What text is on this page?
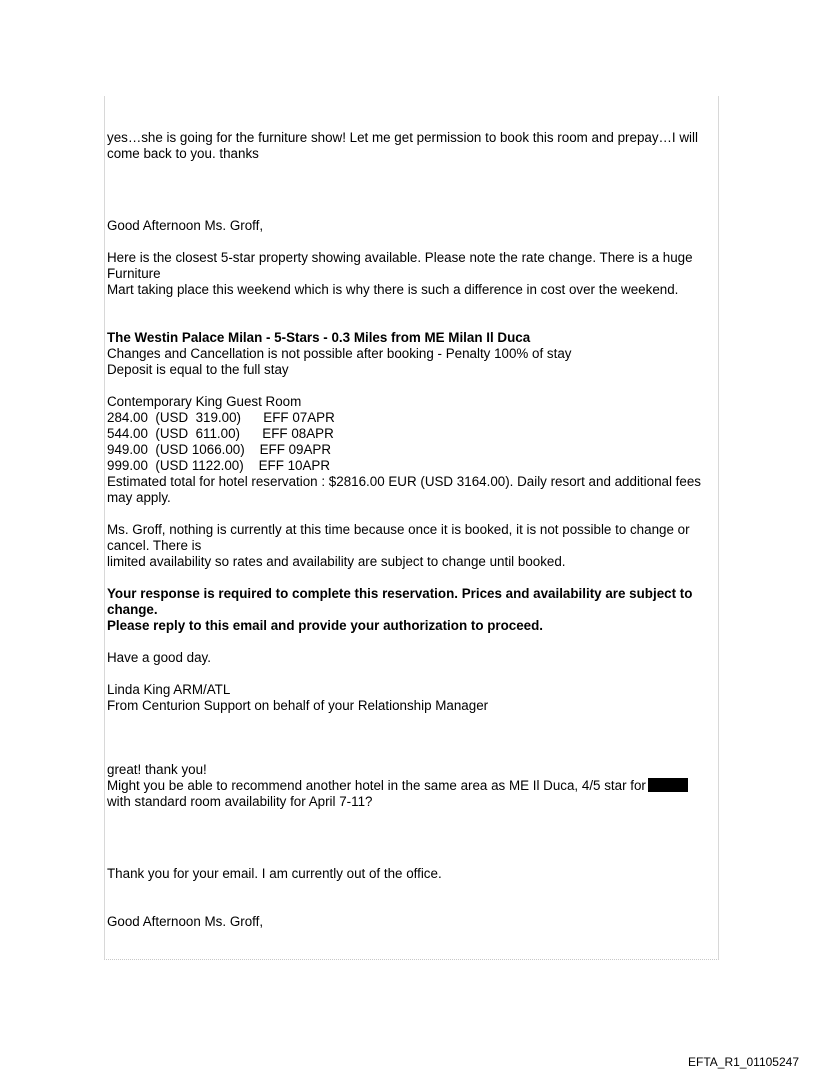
yes…she is going for the furniture show! Let me get permission to book this room and prepay…I will come back to you. thanks

Good Afternoon Ms. Groff,

Here is the closest 5-star property showing available. Please note the rate change. There is a huge Furniture

Mart taking place this weekend which is why there is such a difference in cost over the weekend.

The Westin Palace Milan - 5-Stars - 0.3 Miles from ME Milan Il Duca

Changes and Cancellation is not possible after booking - Penalty 100% of stay

Deposit is equal to the full stay

Contemporary King Guest Room

284.00  (USD  319.00)      EFF 07APR

544.00  (USD  611.00)      EFF 08APR

949.00  (USD 1066.00)    EFF 09APR

999.00  (USD 1122.00)    EFF 10APR

Estimated total for hotel reservation : $2816.00 EUR (USD 3164.00). Daily resort and additional fees may apply.

Ms. Groff, nothing is currently at this time because once it is booked, it is not possible to change or cancel. There is

limited availability so rates and availability are subject to change until booked.

Your response is required to complete this reservation. Prices and availability are subject to change.

Please reply to this email and provide your authorization to proceed.

Have a good day.

Linda King ARM/ATL

From Centurion Support on behalf of your Relationship Manager

great! thank you!

Might you be able to recommend another hotel in the same area as ME Il Duca, 4/5 star for

with standard room availability for April 7-11?

Thank you for your email. I am currently out of the office.

Good Afternoon Ms. Groff,

EFTA_R1_01105247
